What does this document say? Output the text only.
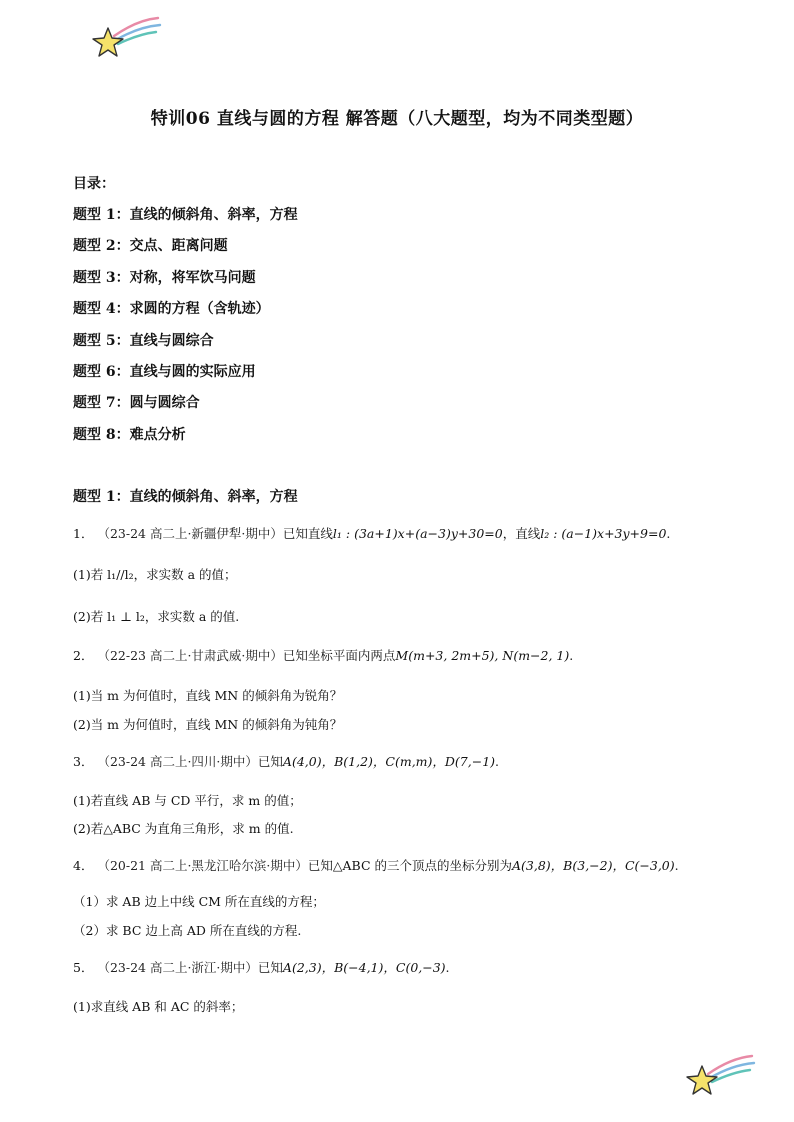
特训06 直线与圆的方程 解答题（八大题型，均为不同类型题）
目录：
题型 1：直线的倾斜角、斜率，方程
题型 2：交点、距离问题
题型 3：对称，将军饮马问题
题型 4：求圆的方程（含轨迹）
题型 5：直线与圆综合
题型 6：直线与圆的实际应用
题型 7：圆与圆综合
题型 8：难点分析
题型 1：直线的倾斜角、斜率，方程
1． （23-24 高二上·新疆伊犁·期中）已知直线l₁ : (3a+1)x+(a−3)y+30=0，直线l₂ : (a−1)x+3y+9=0.
(1)若 l₁//l₂，求实数 a 的值；
(2)若 l₁ ⊥ l₂，求实数 a 的值.
2． （22-23 高二上·甘肃武威·期中）已知坐标平面内两点M(m+3, 2m+5), N(m−2, 1).
(1)当 m 为何值时，直线 MN 的倾斜角为锐角？
(2)当 m 为何值时，直线 MN 的倾斜角为钝角？
3． （23-24 高二上·四川·期中）已知A(4,0)，B(1,2)，C(m,m)，D(7,−1).
(1)若直线 AB 与 CD 平行，求 m 的值；
(2)若△ABC 为直角三角形，求 m 的值.
4． （20-21 高二上·黑龙江哈尔滨·期中）已知△ABC 的三个顶点的坐标分别为A(3,8)，B(3,−2)，C(−3,0).
（1）求 AB 边上中线 CM 所在直线的方程；
（2）求 BC 边上高 AD 所在直线的方程.
5． （23-24 高二上·浙江·期中）已知A(2,3)，B(−4,1)，C(0,−3).
(1)求直线 AB 和 AC 的斜率；
